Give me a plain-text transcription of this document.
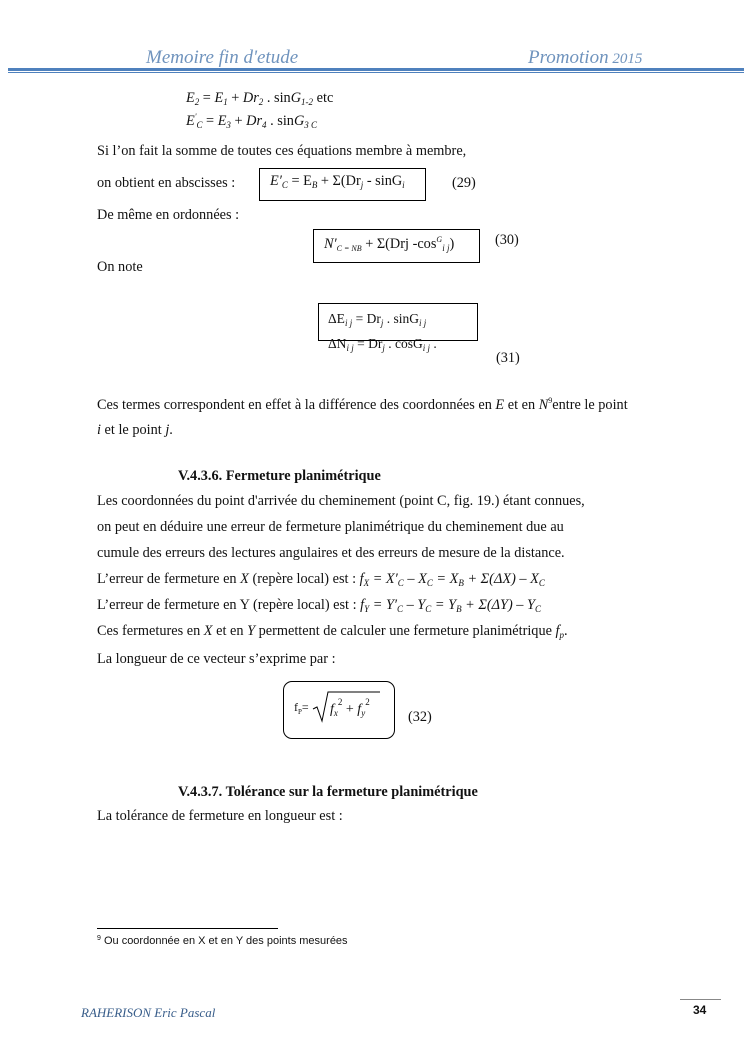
Memoire fin d'etude	Promotion 2015
$E_2 = E_1 + Dr_2$ . sinG$_{1-2}$ etc
$E'_C = E_3 + Dr_4$ . sinG$_{3 C}$
Si l’on fait la somme de toutes ces équations membre à membre,
on obtient en abscisses : $E'_C = E_B + \Sigma(Dr_j - \sin G_i$	(29)
De même en ordonnées :
$N'_{C = NB} + \Sigma(Drj$ $-\cos^G_{i j}$)	(30)
On note
$\Delta E_{i j} = Dr_j$ . sinG$_{i j}$
$\Delta N_{i j} = Dr_j$ . cosG$_{i j}$ .
(31)
Ces termes correspondent en effet à la différence des coordonnées en E et en $N^9entre$ le point
i et le point j.
V.4.3.6. Fermeture planimétrique
Les coordonnées du point d'arrivée du cheminement (point C, fig. 19.) étant connues,
on peut en déduire une erreur de fermeture planimétrique du cheminement due au
cumule des erreurs des lectures angulaires et des erreurs de mesure de la distance.
L’erreur de fermeture en X (repère local) est : $f_X = X'_C - X_C = X_B + \Sigma(\Delta X) - X_C$
L’erreur de fermeture en Y (repère local) est : $f_Y = Y'_C - Y_C = Y_B + \Sigma(\Delta Y) - Y_C$
Ces fermetures en X et en Y permettent de calculer une fermeture planimétrique $f_p$.
La longueur de ce vecteur s’exprime par :
$f_P= f_x^2 + f_y^2$
(32)
V.4.3.7. Tolérance sur la fermeture planimétrique
La tolérance de fermeture en longueur est :
$^9$ Ou coordonnée en X et en Y des points mesurées
RAHERISON Eric Pascal	34
